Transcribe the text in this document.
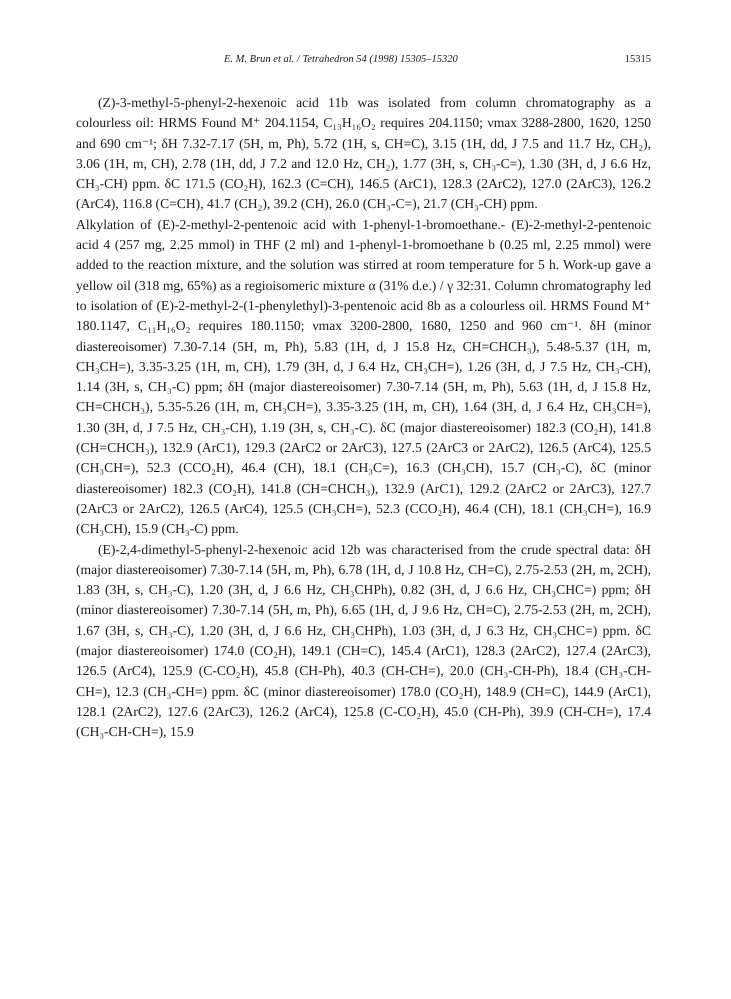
E. M. Brun et al. / Tetrahedron 54 (1998) 15305–15320	15315

(Z)-3-methyl-5-phenyl-2-hexenoic acid 11b was isolated from column chromatography as a colourless oil: HRMS Found M⁺ 204.1154, C₁₃H₁₆O₂ requires 204.1150; νmax 3288-2800, 1620, 1250 and 690 cm⁻¹; δH 7.32-7.17 (5H, m, Ph), 5.72 (1H, s, CH=C), 3.15 (1H, dd, J 7.5 and 11.7 Hz, CH₂), 3.06 (1H, m, CH), 2.78 (1H, dd, J 7.2 and 12.0 Hz, CH₂), 1.77 (3H, s, CH₃-C=), 1.30 (3H, d, J 6.6 Hz, CH₃-CH) ppm. δC 171.5 (CO₂H), 162.3 (C=CH), 146.5 (ArC1), 128.3 (2ArC2), 127.0 (2ArC3), 126.2 (ArC4), 116.8 (C=CH), 41.7 (CH₂), 39.2 (CH), 26.0 (CH₃-C=), 21.7 (CH₃-CH) ppm.

Alkylation of (E)-2-methyl-2-pentenoic acid with 1-phenyl-1-bromoethane.- (E)-2-methyl-2-pentenoic acid 4 (257 mg, 2.25 mmol) in THF (2 ml) and 1-phenyl-1-bromoethane b (0.25 ml, 2.25 mmol) were added to the reaction mixture, and the solution was stirred at room temperature for 5 h. Work-up gave a yellow oil (318 mg, 65%) as a regioisomeric mixture α (31% d.e.) / γ 32:31. Column chromatography led to isolation of (E)-2-methyl-2-(1-phenylethyl)-3-pentenoic acid 8b as a colourless oil. HRMS Found M⁺ 180.1147, C₁₁H₁₆O₂ requires 180.1150; νmax 3200-2800, 1680, 1250 and 960 cm⁻¹. δH (minor diastereoisomer) 7.30-7.14 (5H, m, Ph), 5.83 (1H, d, J 15.8 Hz, CH=CHCH₃), 5.48-5.37 (1H, m, CH₃CH=), 3.35-3.25 (1H, m, CH), 1.79 (3H, d, J 6.4 Hz, CH₃CH=), 1.26 (3H, d, J 7.5 Hz, CH₃-CH), 1.14 (3H, s, CH₃-C) ppm; δH (major diastereoisomer) 7.30-7.14 (5H, m, Ph), 5.63 (1H, d, J 15.8 Hz, CH=CHCH₃), 5.35-5.26 (1H, m, CH₃CH=), 3.35-3.25 (1H, m, CH), 1.64 (3H, d, J 6.4 Hz, CH₃CH=), 1.30 (3H, d, J 7.5 Hz, CH₃-CH), 1.19 (3H, s, CH₃-C). δC (major diastereoisomer) 182.3 (CO₂H), 141.8 (CH=CHCH₃), 132.9 (ArC1), 129.3 (2ArC2 or 2ArC3), 127.5 (2ArC3 or 2ArC2), 126.5 (ArC4), 125.5 (CH₃CH=), 52.3 (CCO₂H), 46.4 (CH), 18.1 (CH₃C=), 16.3 (CH₃CH), 15.7 (CH₃-C), δC (minor diastereoisomer) 182.3 (CO₂H), 141.8 (CH=CHCH₃), 132.9 (ArC1), 129.2 (2ArC2 or 2ArC3), 127.7 (2ArC3 or 2ArC2), 126.5 (ArC4), 125.5 (CH₃CH=), 52.3 (CCO₂H), 46.4 (CH), 18.1 (CH₃CH=), 16.9 (CH₃CH), 15.9 (CH₃-C) ppm.

(E)-2,4-dimethyl-5-phenyl-2-hexenoic acid 12b was characterised from the crude spectral data: δH (major diastereoisomer) 7.30-7.14 (5H, m, Ph), 6.78 (1H, d, J 10.8 Hz, CH=C), 2.75-2.53 (2H, m, 2CH), 1.83 (3H, s, CH₃-C), 1.20 (3H, d, J 6.6 Hz, CH₃CHPh), 0.82 (3H, d, J 6.6 Hz, CH₃CHC=) ppm; δH (minor diastereoisomer) 7.30-7.14 (5H, m, Ph), 6.65 (1H, d, J 9.6 Hz, CH=C), 2.75-2.53 (2H, m, 2CH), 1.67 (3H, s, CH₃-C), 1.20 (3H, d, J 6.6 Hz, CH₃CHPh), 1.03 (3H, d, J 6.3 Hz, CH₃CHC=) ppm. δC (major diastereoisomer) 174.0 (CO₂H), 149.1 (CH=C), 145.4 (ArC1), 128.3 (2ArC2), 127.4 (2ArC3), 126.5 (ArC4), 125.9 (C-CO₂H), 45.8 (CH-Ph), 40.3 (CH-CH=), 20.0 (CH₃-CH-Ph), 18.4 (CH₃-CH-CH=), 12.3 (CH₃-CH=) ppm. δC (minor diastereoisomer) 178.0 (CO₂H), 148.9 (CH=C), 144.9 (ArC1), 128.1 (2ArC2), 127.6 (2ArC3), 126.2 (ArC4), 125.8 (C-CO₂H), 45.0 (CH-Ph), 39.9 (CH-CH=), 17.4 (CH₃-CH-CH=), 15.9
